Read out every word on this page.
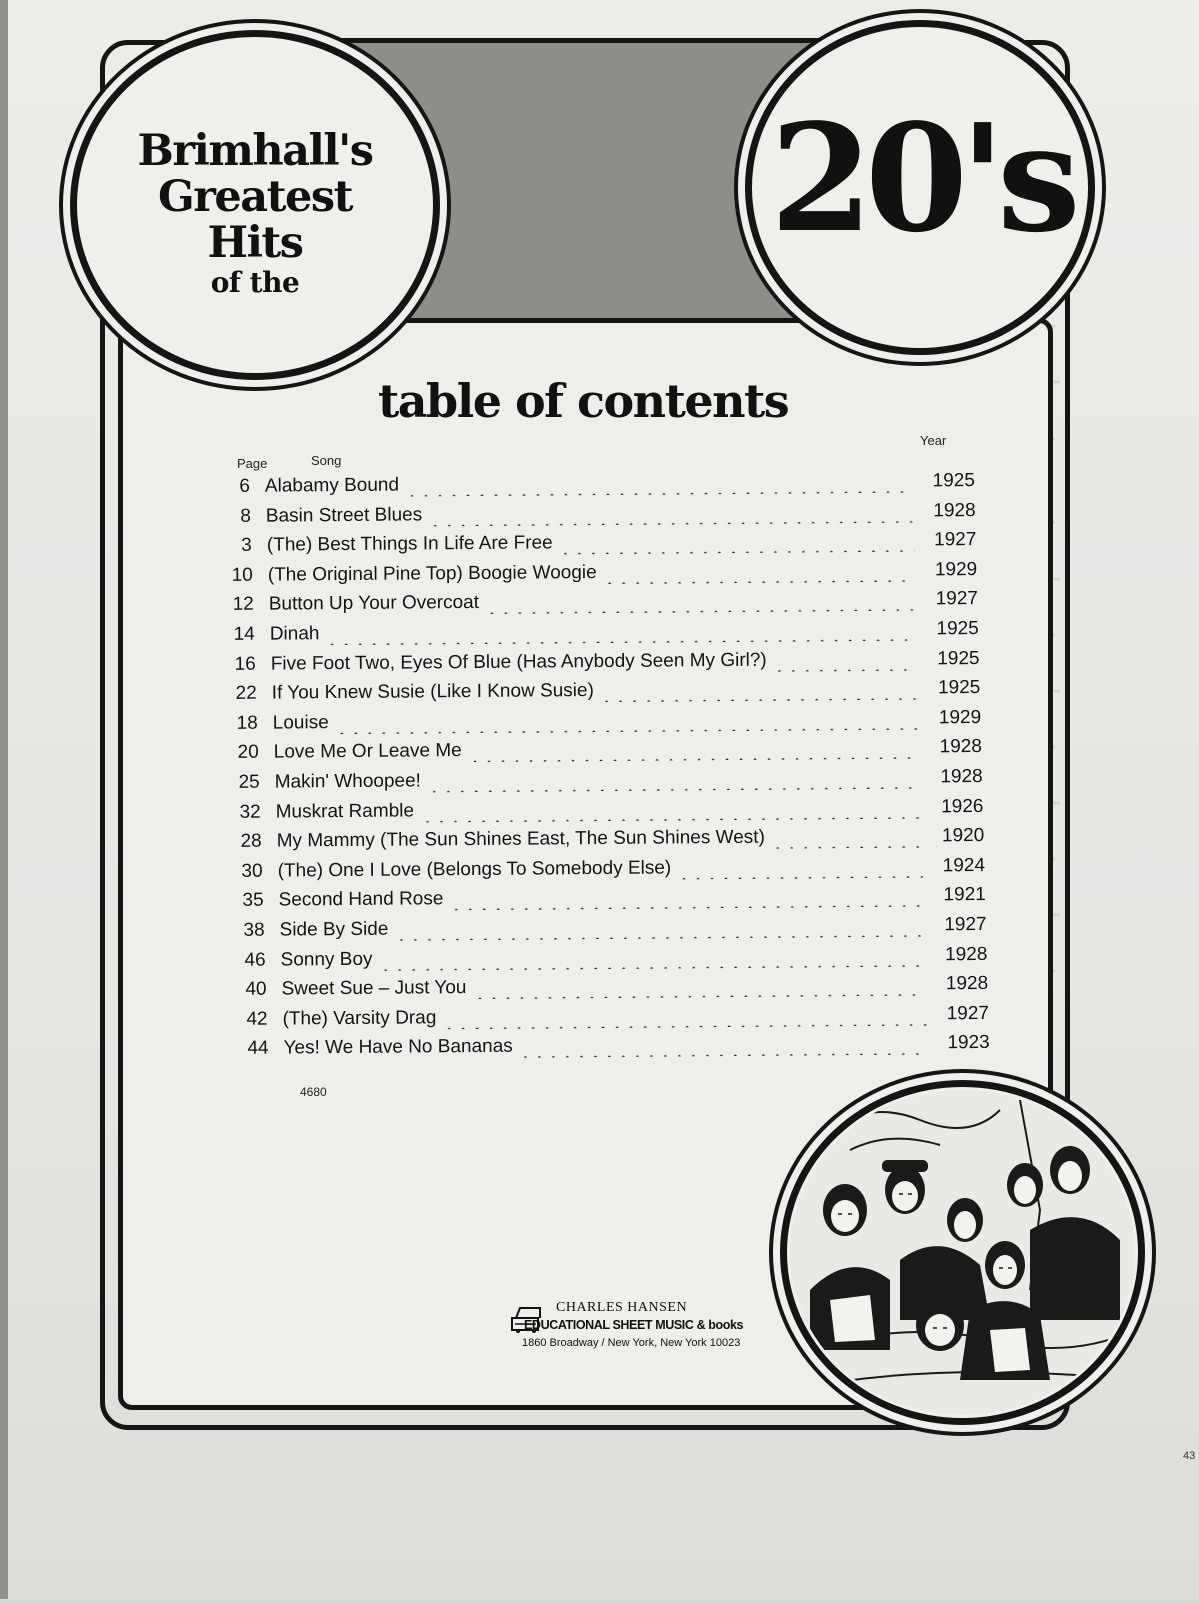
Brimhall's
Greatest
Hits
of the
20's
table of contents
Year
Page	Song
6 Alabamy Bound	1925
8 Basin Street Blues	1928
3 (The) Best Things In Life Are Free	1927
10 (The Original Pine Top) Boogie Woogie	1929
12 Button Up Your Overcoat	1927
14 Dinah	1925
16 Five Foot Two, Eyes Of Blue (Has Anybody Seen My Girl?)	1925
22 If You Knew Susie (Like I Know Susie)	1925
18 Louise	1929
20 Love Me Or Leave Me	1928
25 Makin' Whoopee!	1928
32 Muskrat Ramble	1926
28 My Mammy (The Sun Shines East, The Sun Shines West)	1920
30 (The) One I Love (Belongs To Somebody Else)	1924
35 Second Hand Rose	1921
38 Side By Side	1927
46 Sonny Boy	1928
40 Sweet Sue – Just You	1928
42 (The) Varsity Drag	1927
44 Yes! We Have No Bananas	1923
4680
CHARLES HANSEN
EDUCATIONAL SHEET MUSIC & books
1860 Broadway / New York, New York 10023
43
